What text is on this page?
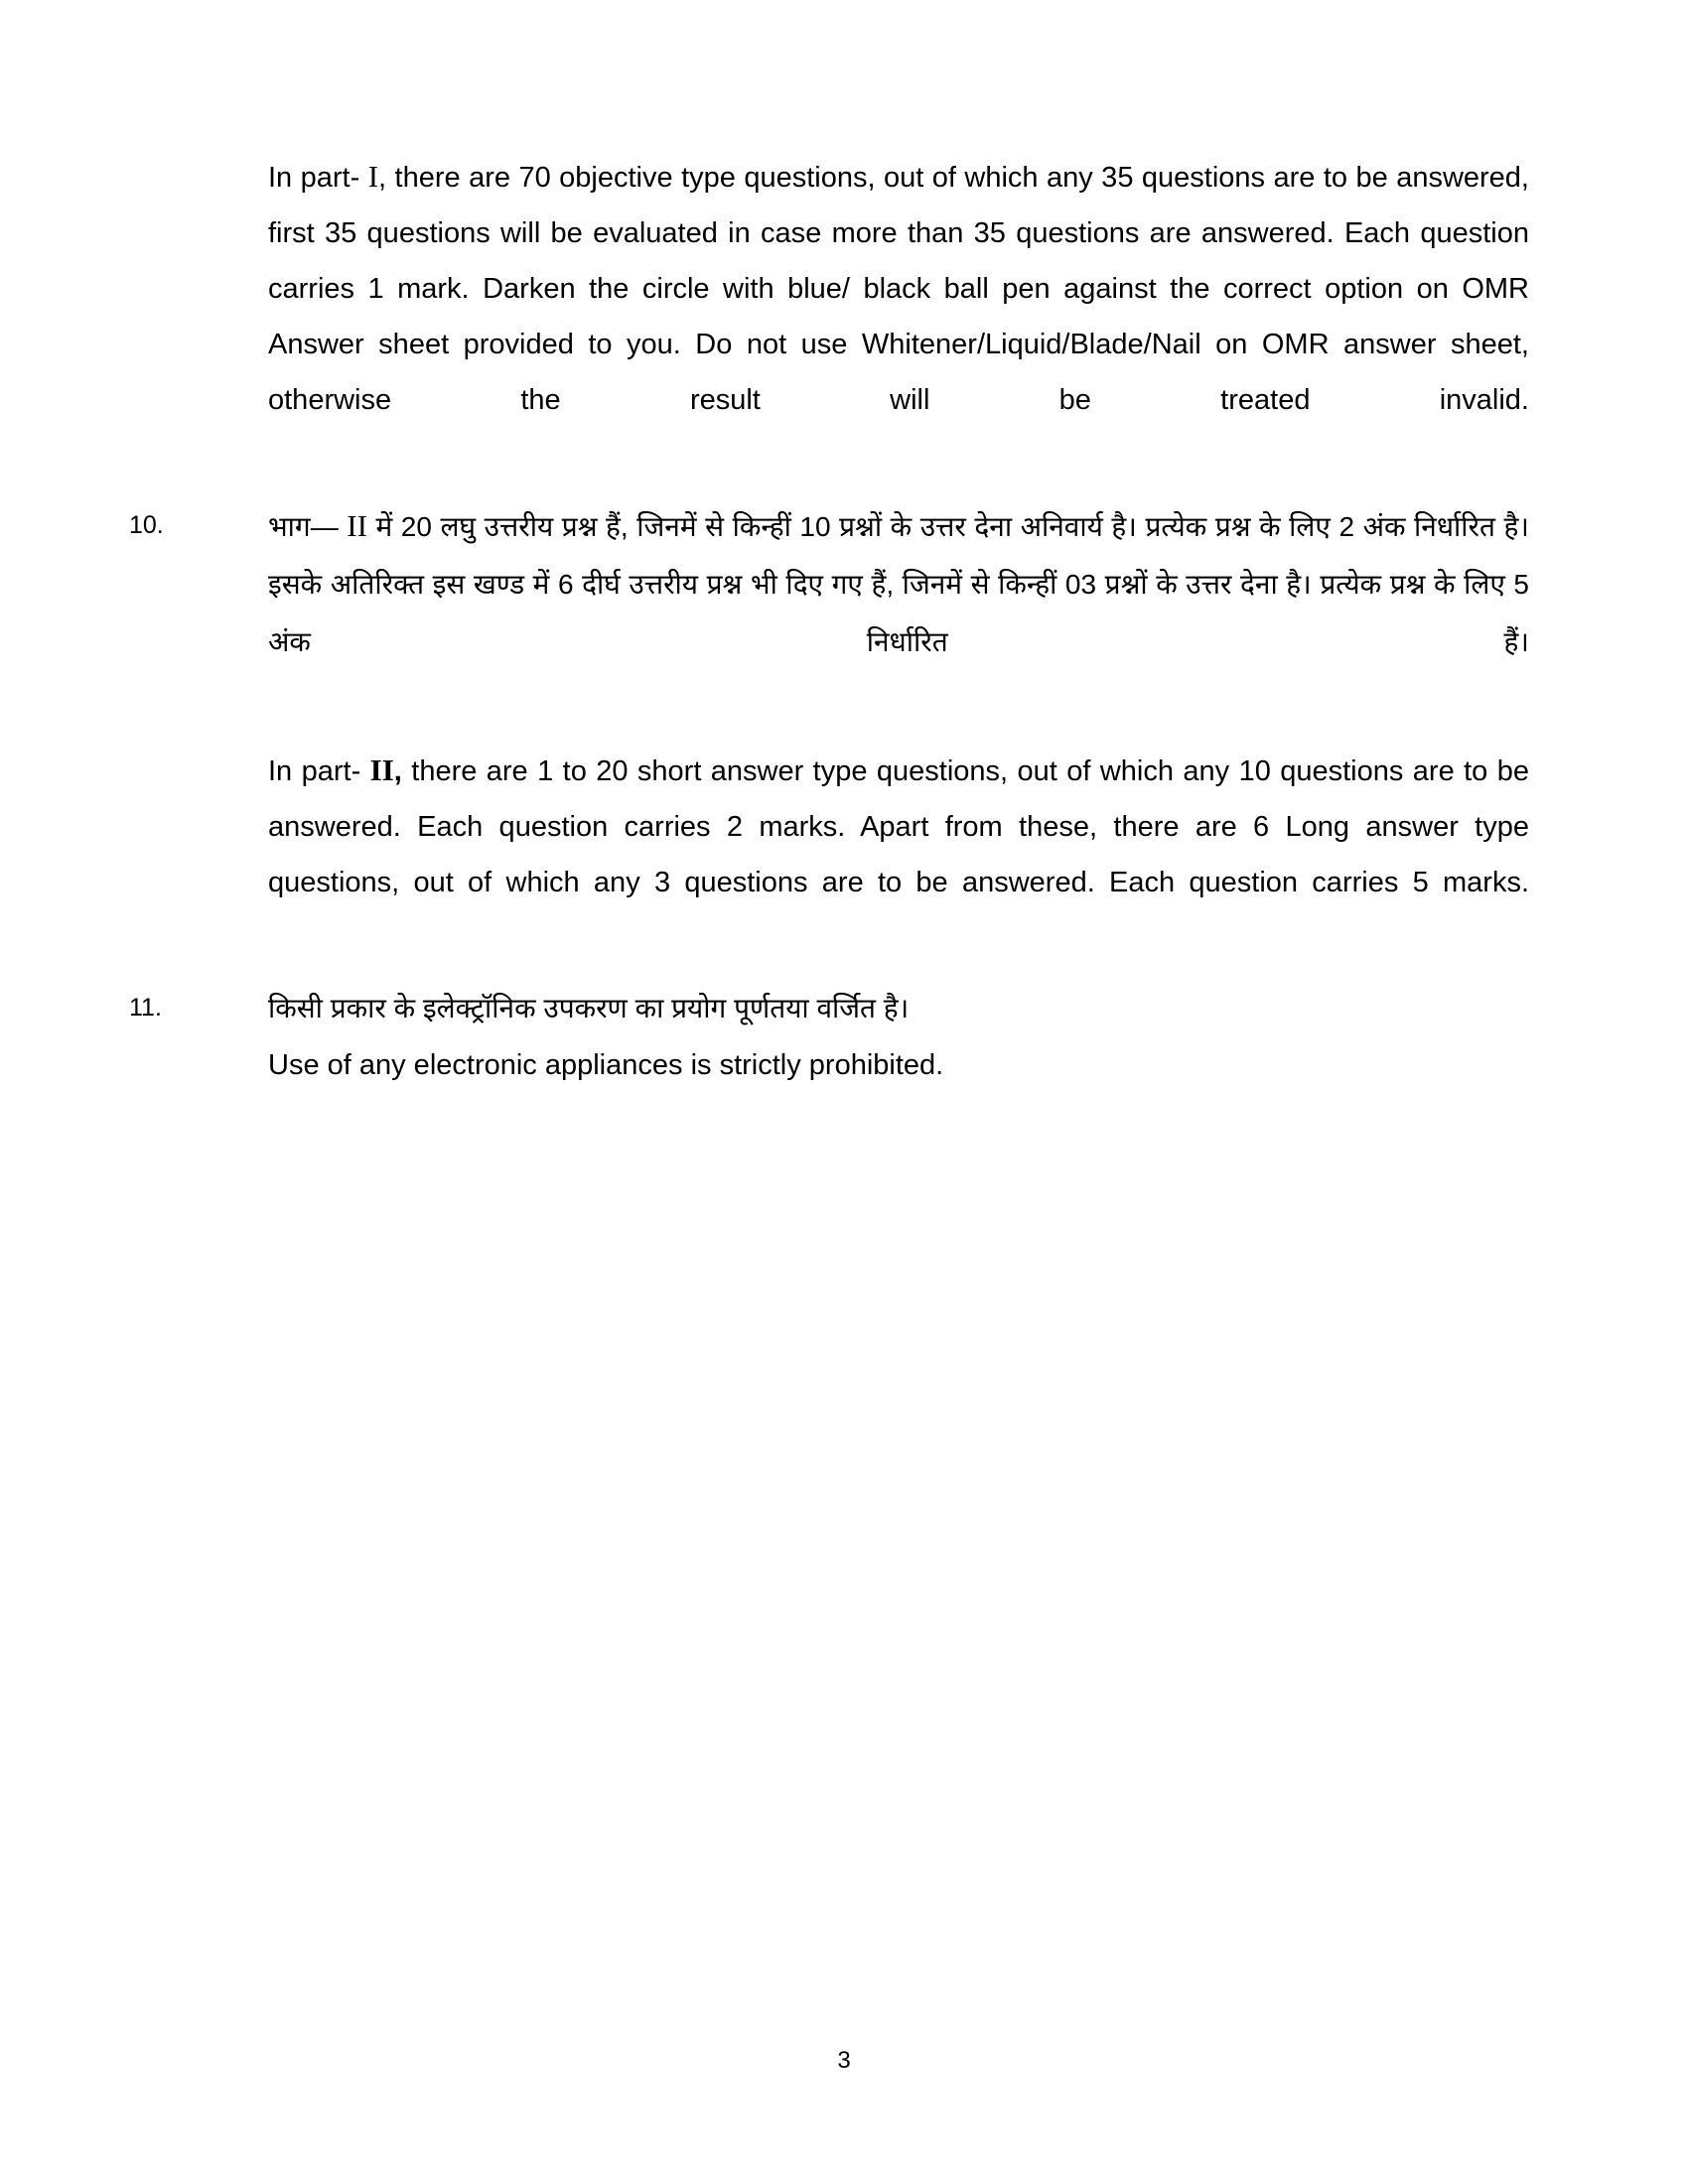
In part- I, there are 70 objective type questions, out of which any 35 questions are to be answered, first 35 questions will be evaluated in case more than 35 questions are answered. Each question carries 1 mark. Darken the circle with blue/ black ball pen against the correct option on OMR Answer sheet provided to you. Do not use Whitener/Liquid/Blade/Nail on OMR answer sheet, otherwise the result will be treated invalid.

10.	भाग— II में 20 लघु उत्तरीय प्रश्न हैं, जिनमें से किन्हीं 10 प्रश्नों के उत्तर देना अनिवार्य है। प्रत्येक प्रश्न के लिए 2 अंक निर्धारित है। इसके अतिरिक्त इस खण्ड में 6 दीर्घ उत्तरीय प्रश्न भी दिए गए हैं, जिनमें से किन्हीं 03 प्रश्नों के उत्तर देना है। प्रत्येक प्रश्न के लिए 5 अंक निर्धारित हैं।

In part- II, there are 1 to 20 short answer type questions, out of which any 10 questions are to be answered. Each question carries 2 marks. Apart from these, there are 6 Long answer type questions, out of which any 3 questions are to be answered. Each question carries 5 marks.

11.	किसी प्रकार के इलेक्ट्रॉनिक उपकरण का प्रयोग पूर्णतया वर्जित है।

Use of any electronic appliances is strictly prohibited.

3
